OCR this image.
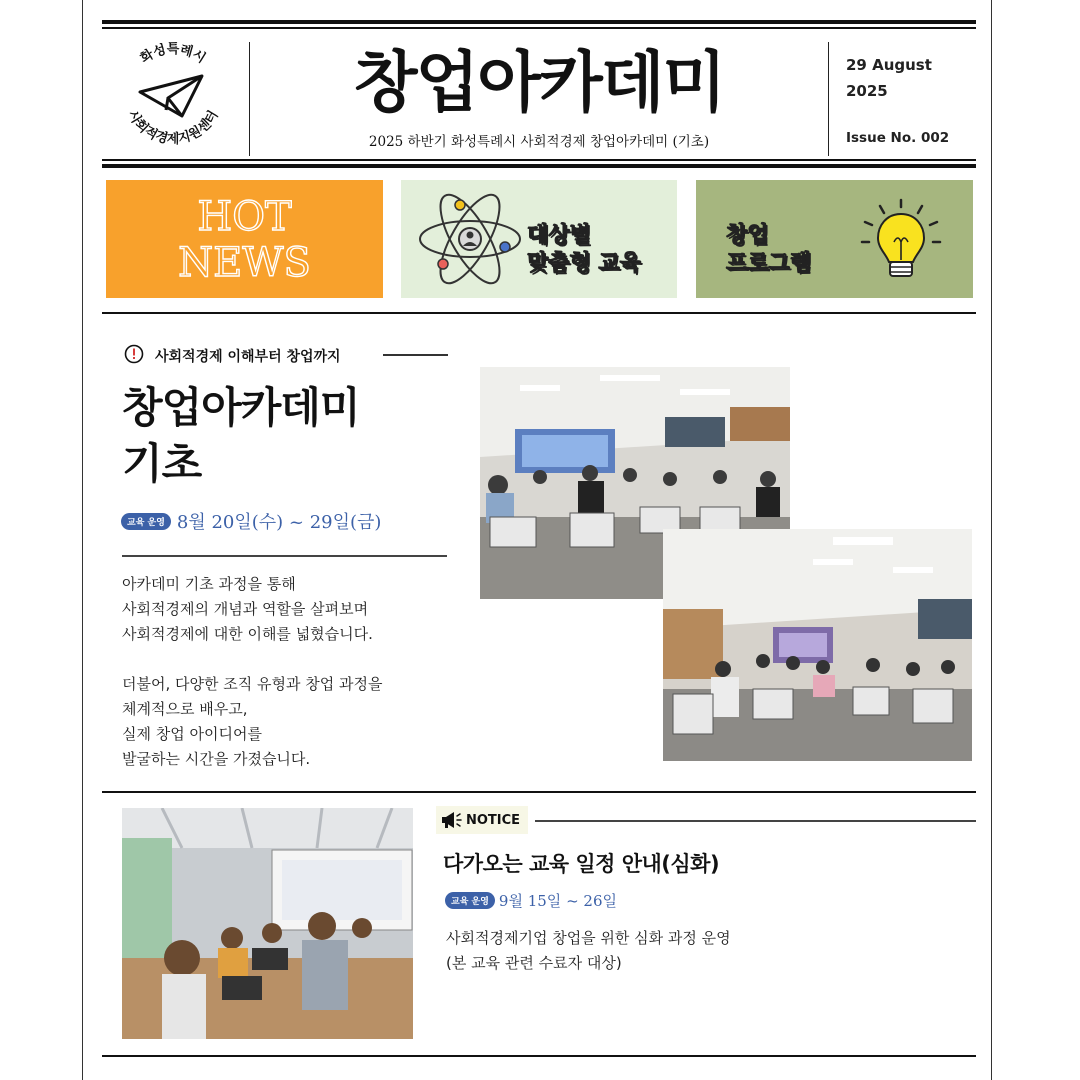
화성특례시
사회적경제지원센터	창업아카데미
2025 하반기 화성특례시 사회적경제 창업아카데미 (기초)
29 August
2025
Issue No. 002
HOT
NEWS
대상별
맞춤형 교육
창업
프로그램
사회적경제 이해부터 창업까지
창업아카데미
기초
교육 운영 8월 20일(수) ~ 29일(금)
아카데미 기초 과정을 통해
사회적경제의 개념과 역할을 살펴보며
사회적경제에 대한 이해를 넓혔습니다.
더불어, 다양한 조직 유형과 창업 과정을
체계적으로 배우고,
실제 창업 아이디어를
발굴하는 시간을 가졌습니다.
NOTICE
다가오는 교육 일정 안내(심화)
교육 운영 9월 15일 ~ 26일
사회적경제기업 창업을 위한 심화 과정 운영
(본 교육 관련 수료자 대상)
